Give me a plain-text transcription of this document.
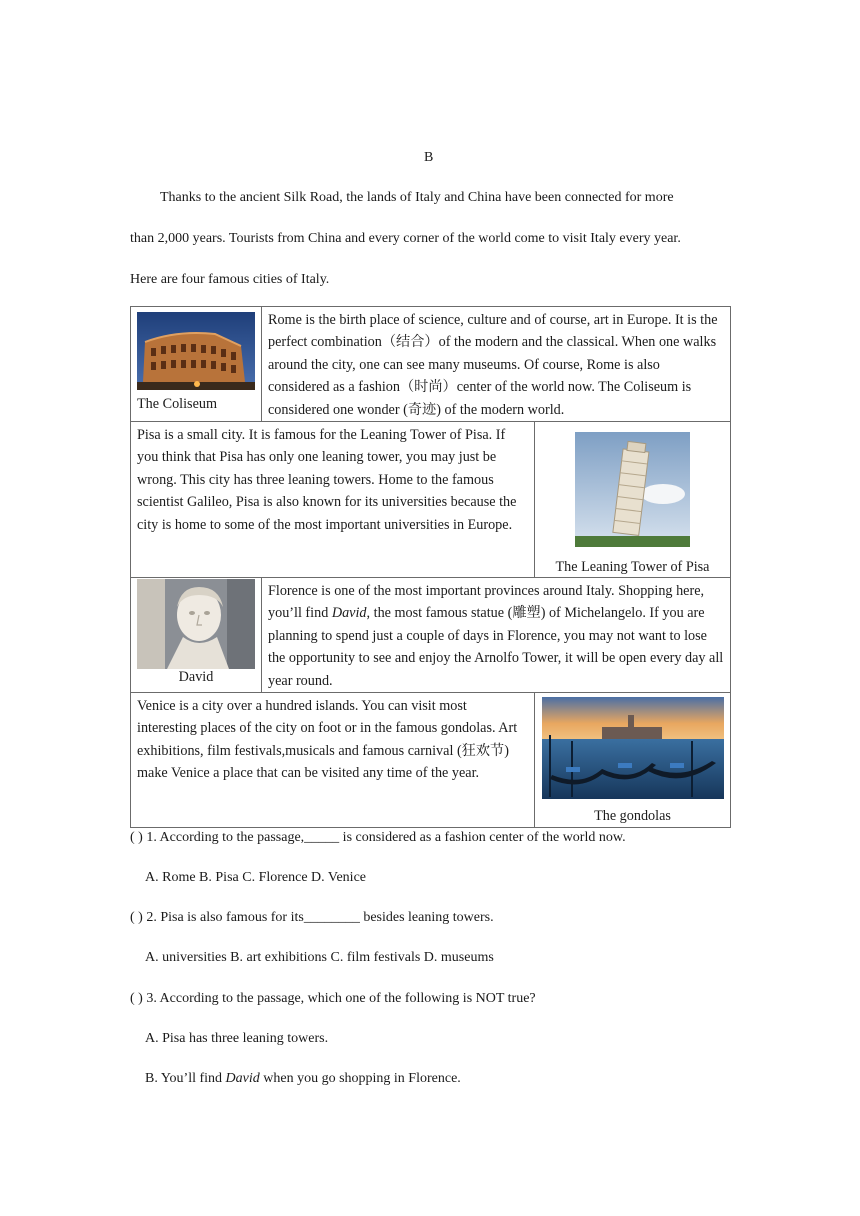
B
Thanks to the ancient Silk Road, the lands of Italy and China have been connected for more
than 2,000 years. Tourists from China and every corner of the world come to visit Italy every year.
Here are four famous cities of Italy.
The Coliseum	Rome is the birth place of science, culture and of course, art in Europe. It is the perfect combination（结合）of the modern and the classical. When one walks around the city, one can see many museums. Of course, Rome is also considered as a fashion（时尚）center of the world now. The Coliseum is considered one wonder (奇迹) of the modern world.	

Pisa is a small city. It is famous for the Leaning Tower of Pisa. If you think that Pisa has only one leaning tower, you may just be wrong. This city has three leaning towers. Home to the famous scientist Galileo, Pisa is also known for its universities because the city is home to some of the most important universities in Europe.		The Leaning Tower of Pisa

David	Florence is one of the most important provinces around Italy. Shopping here, you’ll find David, the most famous statue (雕塑) of Michelangelo. If you are planning to spend just a couple of days in Florence, you may not want to lose the opportunity to see and enjoy the Arnolfo Tower, it will be open every day all year round.	

Venice is a city over a hundred islands. You can visit most interesting places of the city on foot or in the famous gondolas. Art exhibitions, film festivals,musicals and famous carnival (狂欢节) make Venice a place that can be visited any time of the year.		The gondolas
( ) 1. According to the passage,_____ is considered as a fashion center of the world now.
A. Rome B. Pisa C. Florence D. Venice
( ) 2. Pisa is also famous for its________ besides leaning towers.
A. universities B. art exhibitions C. film festivals D. museums
( ) 3. According to the passage, which one of the following is NOT true?
A. Pisa has three leaning towers.
B. You’ll find David when you go shopping in Florence.
